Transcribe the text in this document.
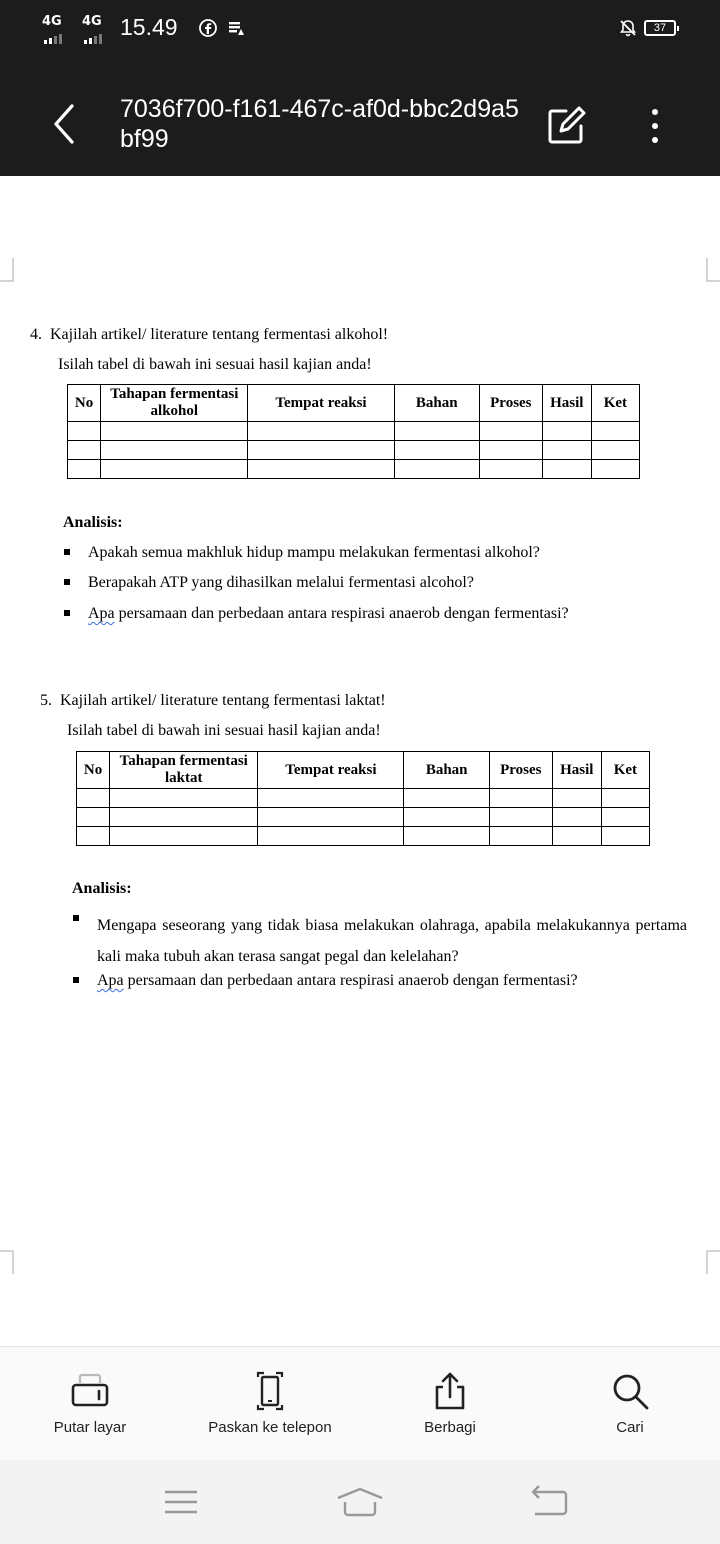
4G 4G 15.49	37
7036f700-f161-467c-af0d-bbc2d9a5bf99
4. Kajilah artikel/ literature tentang fermentasi alkohol!
Isilah tabel di bawah ini sesuai hasil kajian anda!
No	Tahapan fermentasi alkohol	Tempat reaksi	Bahan	Proses	Hasil	Ket

Analisis:
Apakah semua makhluk hidup mampu melakukan fermentasi alkohol?
Berapakah ATP yang dihasilkan melalui fermentasi alcohol?
Apa persamaan dan perbedaan antara respirasi anaerob dengan fermentasi?
5. Kajilah artikel/ literature tentang fermentasi laktat!
Isilah tabel di bawah ini sesuai hasil kajian anda!
No	Tahapan fermentasi laktat	Tempat reaksi	Bahan	Proses	Hasil	Ket

Analisis:
Mengapa seseorang yang tidak biasa melakukan olahraga, apabila melakukannya pertama kali maka tubuh akan terasa sangat pegal dan kelelahan?
Apa persamaan dan perbedaan antara respirasi anaerob dengan fermentasi?
Putar layar	Paskan ke telepon	Berbagi	Cari
